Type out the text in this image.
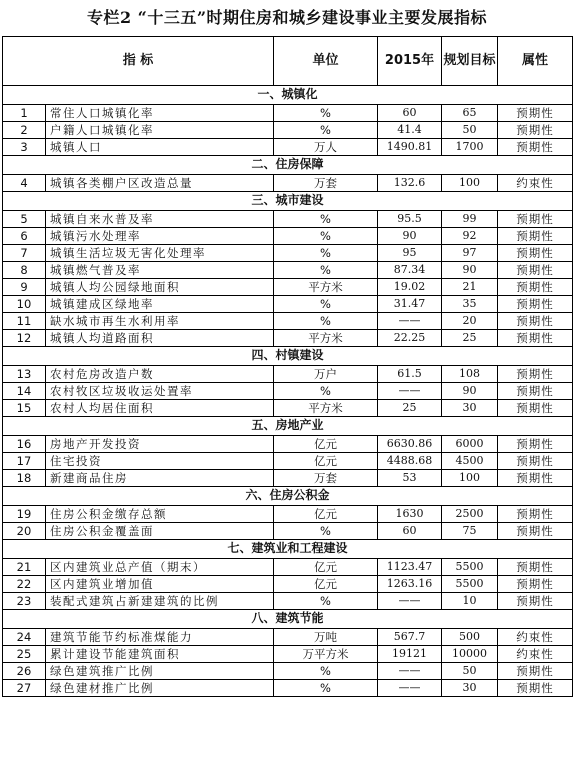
专栏2 “十三五”时期住房和城乡建设事业主要发展指标
指 标		单位	2015年	规划目标	属性
一、城镇化					
1	常住人口城镇化率	%	60	65	预期性
2	户籍人口城镇化率	%	41.4	50	预期性
3	城镇人口	万人	1490.81	1700	预期性
二、住房保障					
4	城镇各类棚户区改造总量	万套	132.6	100	约束性
三、城市建设					
5	城镇自来水普及率	%	95.5	99	预期性
6	城镇污水处理率	%	90	92	预期性
7	城镇生活垃圾无害化处理率	%	95	97	预期性
8	城镇燃气普及率	%	87.34	90	预期性
9	城镇人均公园绿地面积	平方米	19.02	21	预期性
10	城镇建成区绿地率	%	31.47	35	预期性
11	缺水城市再生水利用率	%	——	20	预期性
12	城镇人均道路面积	平方米	22.25	25	预期性
四、村镇建设					
13	农村危房改造户数	万户	61.5	108	预期性
14	农村牧区垃圾收运处置率	%	——	90	预期性
15	农村人均居住面积	平方米	25	30	预期性
五、房地产业					
16	房地产开发投资	亿元	6630.86	6000	预期性
17	住宅投资	亿元	4488.68	4500	预期性
18	新建商品住房	万套	53	100	预期性
六、住房公积金					
19	住房公积金缴存总额	亿元	1630	2500	预期性
20	住房公积金覆盖面	%	60	75	预期性
七、建筑业和工程建设					
21	区内建筑业总产值（期末）	亿元	1123.47	5500	预期性
22	区内建筑业增加值	亿元	1263.16	5500	预期性
23	装配式建筑占新建建筑的比例	%	——	10	预期性
八、建筑节能					
24	建筑节能节约标准煤能力	万吨	567.7	500	约束性
25	累计建设节能建筑面积	万平方米	19121	10000	约束性
26	绿色建筑推广比例	%	——	50	预期性
27	绿色建材推广比例	%	——	30	预期性
